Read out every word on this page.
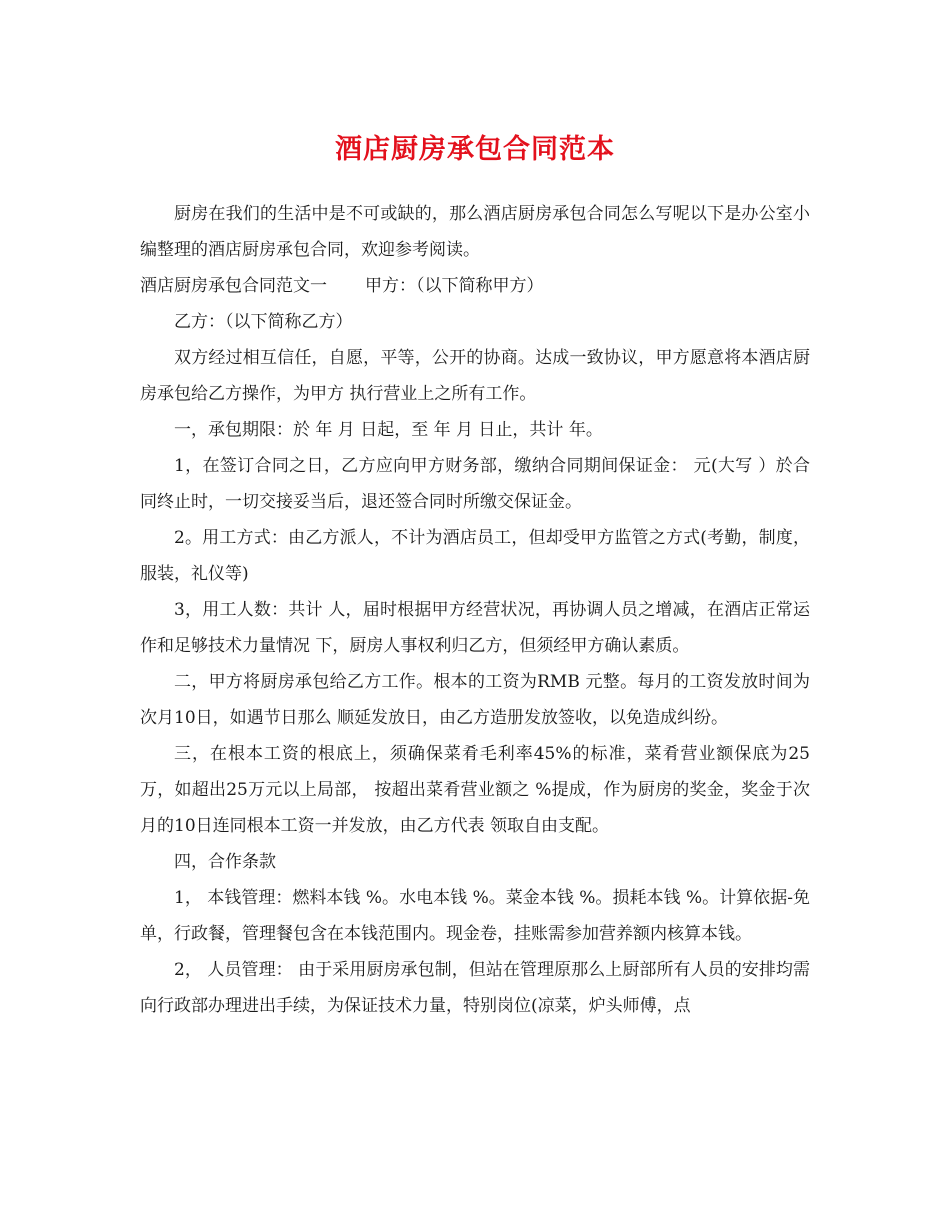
酒店厨房承包合同范本

厨房在我们的生活中是不可或缺的，那么酒店厨房承包合同怎么写呢以下是办公室小编整理的酒店厨房承包合同，欢迎参考阅读。

酒店厨房承包合同范文一 甲方：（以下简称甲方）

乙方：（以下简称乙方）

双方经过相互信任，自愿，平等，公开的协商。达成一致协议，甲方愿意将本酒店厨房承包给乙方操作，为甲方 执行营业上之所有工作。

一，承包期限：於 年 月 日起，至 年 月 日止，共计 年。

1，在签订合同之日，乙方应向甲方财务部，缴纳合同期间保证金： 元(大写 ）於合同终止时，一切交接妥当后，退还签合同时所缴交保证金。

2。用工方式：由乙方派人，不计为酒店员工，但却受甲方监管之方式(考勤，制度，服装，礼仪等)

3，用工人数：共计 人，届时根据甲方经营状况，再协调人员之增减，在酒店正常运作和足够技术力量情况 下，厨房人事权利归乙方，但须经甲方确认素质。

二，甲方将厨房承包给乙方工作。根本的工资为RMB 元整。每月的工资发放时间为次月10日，如遇节日那么 顺延发放日，由乙方造册发放签收，以免造成纠纷。

三，在根本工资的根底上，须确保菜肴毛利率45%的标准，菜肴营业额保底为25万，如超出25万元以上局部， 按超出菜肴营业额之 %提成，作为厨房的奖金，奖金于次月的10日连同根本工资一并发放，由乙方代表 领取自由支配。

四，合作条款

1， 本钱管理：燃料本钱 %。水电本钱 %。菜金本钱 %。损耗本钱 %。计算依据-免单，行政餐，管理餐包含在本钱范围内。现金卷，挂账需参加营养额内核算本钱。

2， 人员管理： 由于采用厨房承包制，但站在管理原那么上厨部所有人员的安排均需向行政部办理进出手续，为保证技术力量，特别岗位(凉菜，炉头师傅，点
